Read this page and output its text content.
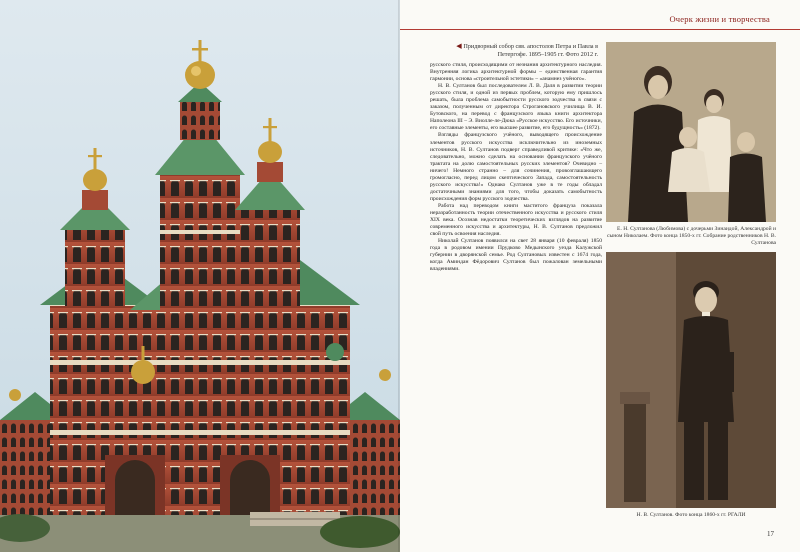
Очерк жизни и творчества
◀ Придворный собор свв. апостолов Петра и Павла в Петергофе. 1895–1905 гг. Фото 2012 г.

русского стиля, происходящими от незнания архитектурного наследия. Внутренняя логика архитектурной формы – единственная гарантия гармонии, основа «строительной эстетики» – «анамнез учёного».

Н. В. Султанов был последователем Л. В. Даля в развитии теории русского стиля, и одной из первых проблем, которую ему пришлось решать, была проблема самобытности русского зодчества в связи с заказом, полученным от директора Строгановского училища В. И. Бутовского, на перевод с французского языка книги архитектора Наполеона III – Э. Виолле-ле-Дюка «Русское искусство. Его источники, его составные элементы, его высшее развитие, его будущность» (1872).

Взгляды французского учёного, выводящего происхождение элементов русского искусства исключительно из иноземных источников, Н. В. Султанов подверг справедливой критике: «Что же, следовательно, можно сделать на основании французского учёного трактата на долю самостоятельных русских элементов? Очевидно – ничего! Немного странно – для сочинения, провозглашающего громогласно, перед лицом скептического Запада, самостоятельность русского искусства!» Однако Султанов уже в те годы обладал достаточными знаниями для того, чтобы доказать самобытность происхождения форм русского зодчества.

Работа над переводом книги маститого француза показала неразработанность теории отечественного искусства и русского стиля XIX века. Осознав недостатки теоретических взглядов на развитие современного искусства и архитектуры, Н. В. Султанов предложил свой путь освоения наследия.

Николай Султанов появился на свет 28 января (10 февраля) 1850 года в родовом имении Прудково Медынского уезда Калужской губернии в дворянской семье. Род Султановых известен с 1674 года, когда Аминдан Фёдорович Султанов был пожалован земельными владениями.

Е. Н. Султанова (Любимова) с дочерьми Зинаидой, Александрой и сыном Николаем. Фото конца 1850-х гг. Собрание родственников Н. В. Султанова
Н. В. Султанов. Фото конца 1860-х гг. РГАЛИ
17
